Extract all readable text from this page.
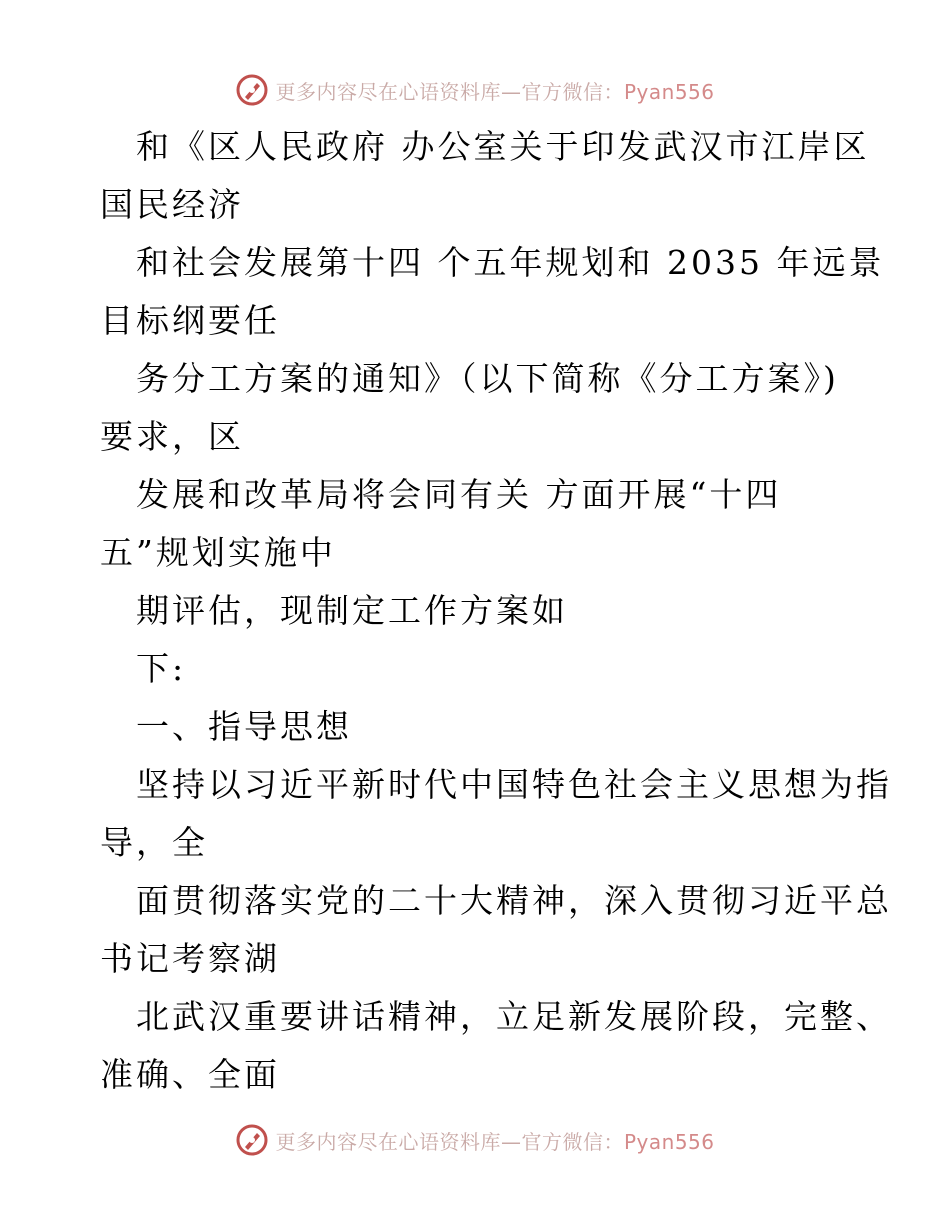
更多内容尽在心语资料库—官方微信：Pyan556
和《区人民政府 办公室关于印发武汉市江岸区
国民经济
和社会发展第十四 个五年规划和 2035 年远景
目标纲要任
务分工方案的通知》（以下简称《分工方案》)
要求，区
发展和改革局将会同有关 方面开展“十四
五”规划实施中
期评估，现制定工作方案如
下:
一、指导思想
坚持以习近平新时代中国特色社会主义思想为指
导，全
面贯彻落实党的二十大精神，深入贯彻习近平总
书记考察湖
北武汉重要讲话精神，立足新发展阶段，完整、
准确、全面
更多内容尽在心语资料库—官方微信：Pyan556
